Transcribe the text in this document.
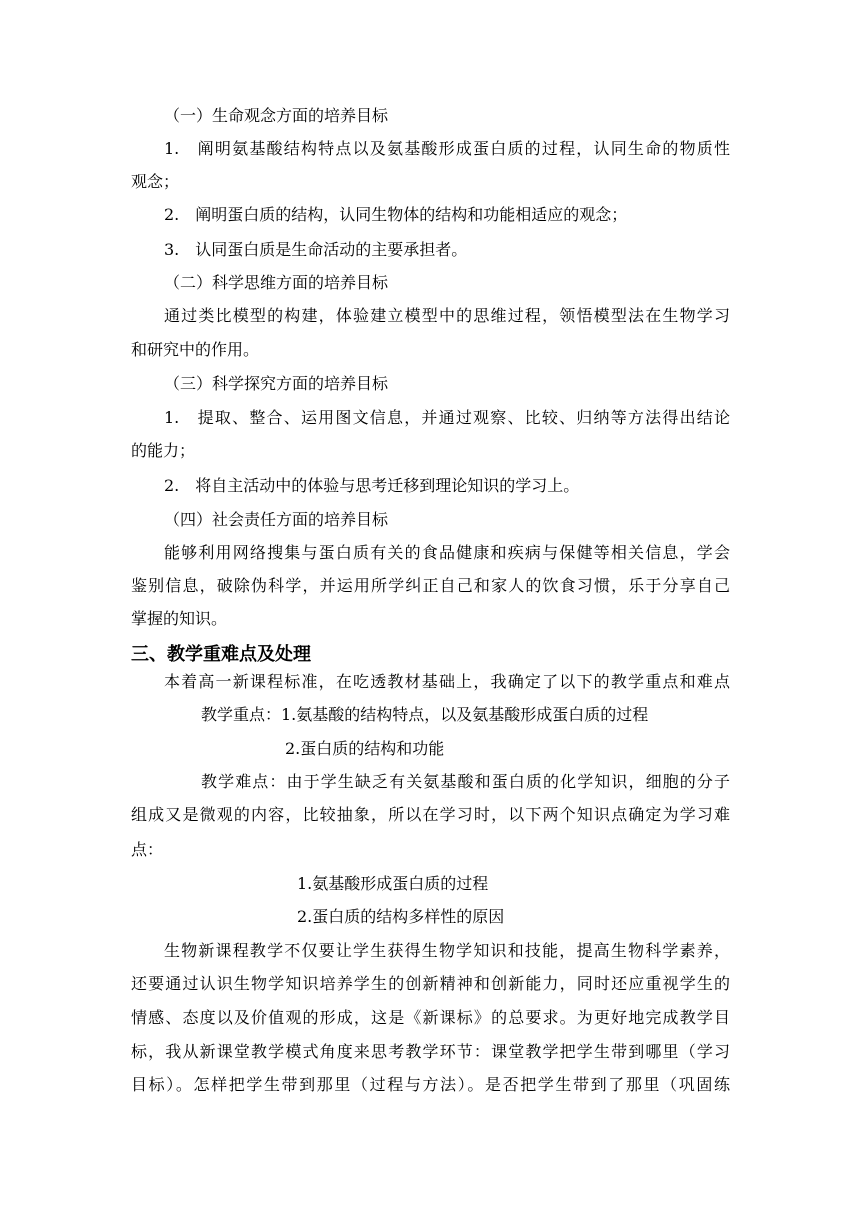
（一）生命观念方面的培养目标
1.　阐明氨基酸结构特点以及氨基酸形成蛋白质的过程，认同生命的物质性
观念；
2.　阐明蛋白质的结构，认同生物体的结构和功能相适应的观念；
3.　认同蛋白质是生命活动的主要承担者。
（二）科学思维方面的培养目标
通过类比模型的构建，体验建立模型中的思维过程，领悟模型法在生物学习
和研究中的作用。
（三）科学探究方面的培养目标
1.　提取、整合、运用图文信息，并通过观察、比较、归纳等方法得出结论
的能力；
2.　将自主活动中的体验与思考迁移到理论知识的学习上。
（四）社会责任方面的培养目标
能够利用网络搜集与蛋白质有关的食品健康和疾病与保健等相关信息，学会
鉴别信息，破除伪科学，并运用所学纠正自己和家人的饮食习惯，乐于分享自己
掌握的知识。
三、教学重难点及处理
本着高一新课程标准，在吃透教材基础上，我确定了以下的教学重点和难点
教学重点：1.氨基酸的结构特点，以及氨基酸形成蛋白质的过程
2.蛋白质的结构和功能
教学难点：由于学生缺乏有关氨基酸和蛋白质的化学知识，细胞的分子
组成又是微观的内容，比较抽象，所以在学习时，以下两个知识点确定为学习难
点：
1.氨基酸形成蛋白质的过程
2.蛋白质的结构多样性的原因
生物新课程教学不仅要让学生获得生物学知识和技能，提高生物科学素养，
还要通过认识生物学知识培养学生的创新精神和创新能力，同时还应重视学生的
情感、态度以及价值观的形成，这是《新课标》的总要求。为更好地完成教学目
标，我从新课堂教学模式角度来思考教学环节：课堂教学把学生带到哪里（学习
目标）。怎样把学生带到那里（过程与方法）。是否把学生带到了那里（巩固练
